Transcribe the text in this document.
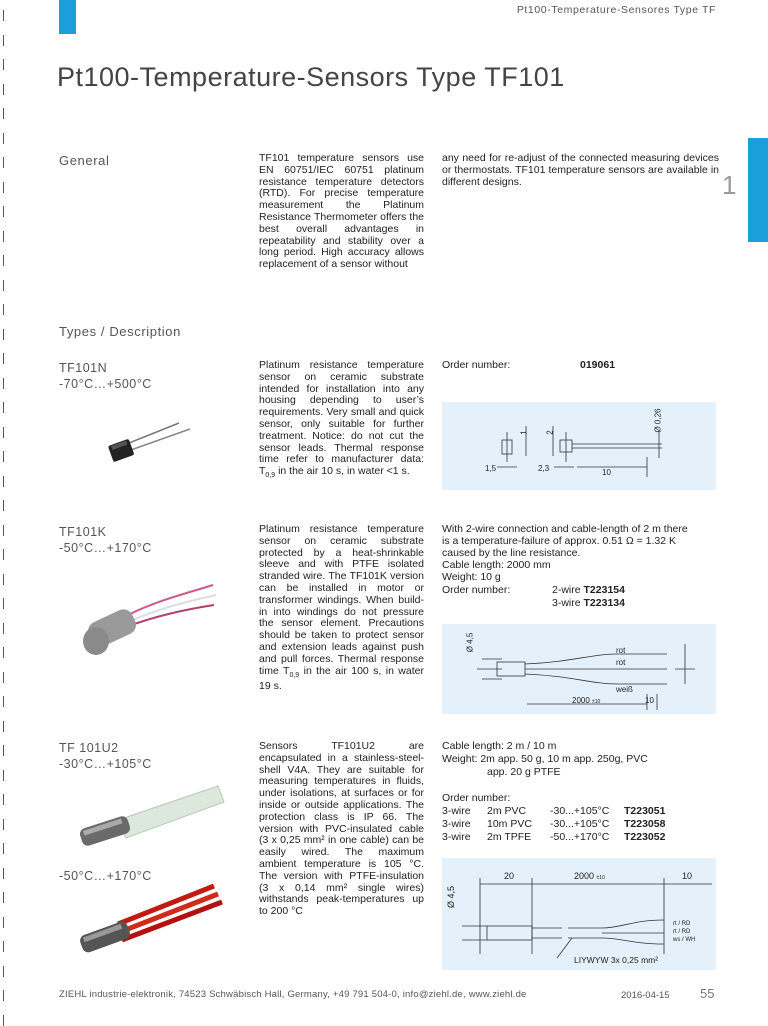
Pt100-Temperature-Sensores Type TF
Pt100-Temperature-Sensors Type TF101
1
General	TF101 temperature sensors use EN 60751/IEC 60751 platinum resistance temperature detectors (RTD). For precise temperature measurement the Platinum Resistance Thermometer offers the best overall advantages in repeatability and stability over a long period. High accuracy allows replacement of a sensor without
any need for re-adjust of the connected measuring devices or thermostats. TF101 temperature sensors are available in different designs.
Types / Description
TF101N
-70°C…+500°C
Platinum resistance temperature sensor on ceramic substrate intended for installation into any housing depending to user’s requirements. Very small and quick sensor, only suitable for further treatment. Notice: do not cut the sensor leads. Thermal response time refer to manufacturer data: $T_{0,9}$ in the air 10 s, in water <1 s.
Order number:	019061
1,5	2,3	10
1 2	Ø 0,26
TF101K
-50°C…+170°C
Platinum resistance temperature sensor on ceramic substrate protected by a heat-shrinkable sleeve and with PTFE isolated stranded wire. The TF101K version can be installed in motor or transformer windings. When build-in into windings do not pressure the sensor element. Precautions should be taken to protect sensor and extension leads against push and pull forces. Thermal response time $T_{0,9}$ in the air 100 s, in water 19 s.
With 2-wire connection and cable-length of 2 m there
is a temperature-failure of approx. 0.51 Ω = 1.32 K
caused by the line resistance.
Cable length: 2000 mm
Weight: 10 g
Order number:	2-wire T223154
3-wire T223134
Ø 4,5	rot
rot
weiß
2000 ±10	10
TF 101U2
-30°C…+105°C
-50°C…+170°C
Sensors TF101U2 are encapsulated in a stainless-steel-shell V4A. They are suitable for measuring temperatures in fluids, under isolations, at surfaces or for inside or outside applications. The protection class is IP 66. The version with PVC-insulated cable (3 x 0,25 mm² in one cable) can be easily wired. The maximum ambient temperature is 105 °C. The version with PTFE-insulation (3 x 0,14 mm² single wires) withstands peak-temperatures up to 200 °C
Cable length: 2 m / 10 m
Weight: 2m app. 50 g, 10 m app. 250g, PVC
app. 20 g PTFE
Order number:
3-wire 2m PVC -30...+105°C T223051
3-wire 10m PVC -30...+105°C T223058
3-wire 2m TPFE -50...+170°C T223052
20	2000 ±10	10
Ø 4,5
rt / RD
rt / RD
ws / WH
LIYWYW 3x 0,25 mm²
ZIEHL industrie-elektronik, 74523 Schwäbisch Hall, Germany, +49 791 504-0, info@ziehl.de, www.ziehl.de	2016-04-15 55
